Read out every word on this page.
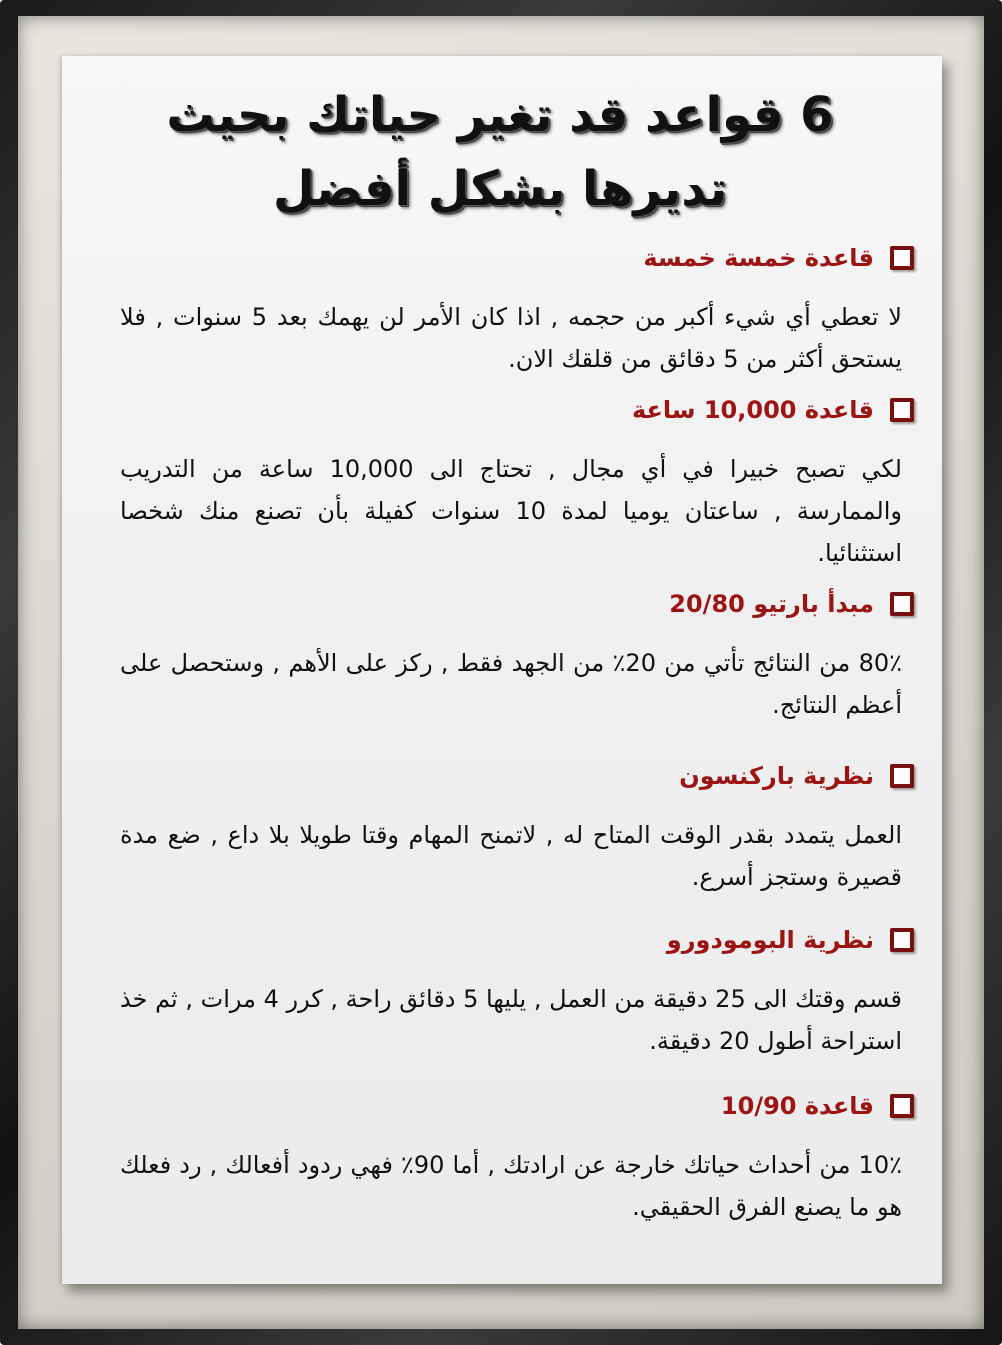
6 قواعد قد تغير حياتك بحيث
تديرها بشكل أفضل
قاعدة خمسة خمسة
لا تعطي أي شيء أكبر من حجمه , اذا كان الأمر لن يهمك بعد 5 سنوات , فلا يستحق أكثر من 5 دقائق من قلقك الان.
قاعدة 10,000 ساعة
لكي تصبح خبيرا في أي مجال , تحتاج الى 10,000 ساعة من التدريب والممارسة , ساعتان يوميا لمدة 10 سنوات كفيلة بأن تصنع منك شخصا استثنائيا.
مبدأ بارتيو 20/80
80٪ من النتائج تأتي من 20٪ من الجهد فقط , ركز على الأهم , وستحصل على أعظم النتائج.
نظرية باركنسون
العمل يتمدد بقدر الوقت المتاح له , لاتمنح المهام وقتا طويلا بلا داع , ضع مدة قصيرة وستجز أسرع.
نظرية البومودورو
قسم وقتك الى 25 دقيقة من العمل , يليها 5 دقائق راحة , كرر 4 مرات , ثم خذ استراحة أطول 20 دقيقة.
قاعدة 10/90
10٪ من أحداث حياتك خارجة عن ارادتك , أما 90٪ فهي ردود أفعالك , رد فعلك هو ما يصنع الفرق الحقيقي.
